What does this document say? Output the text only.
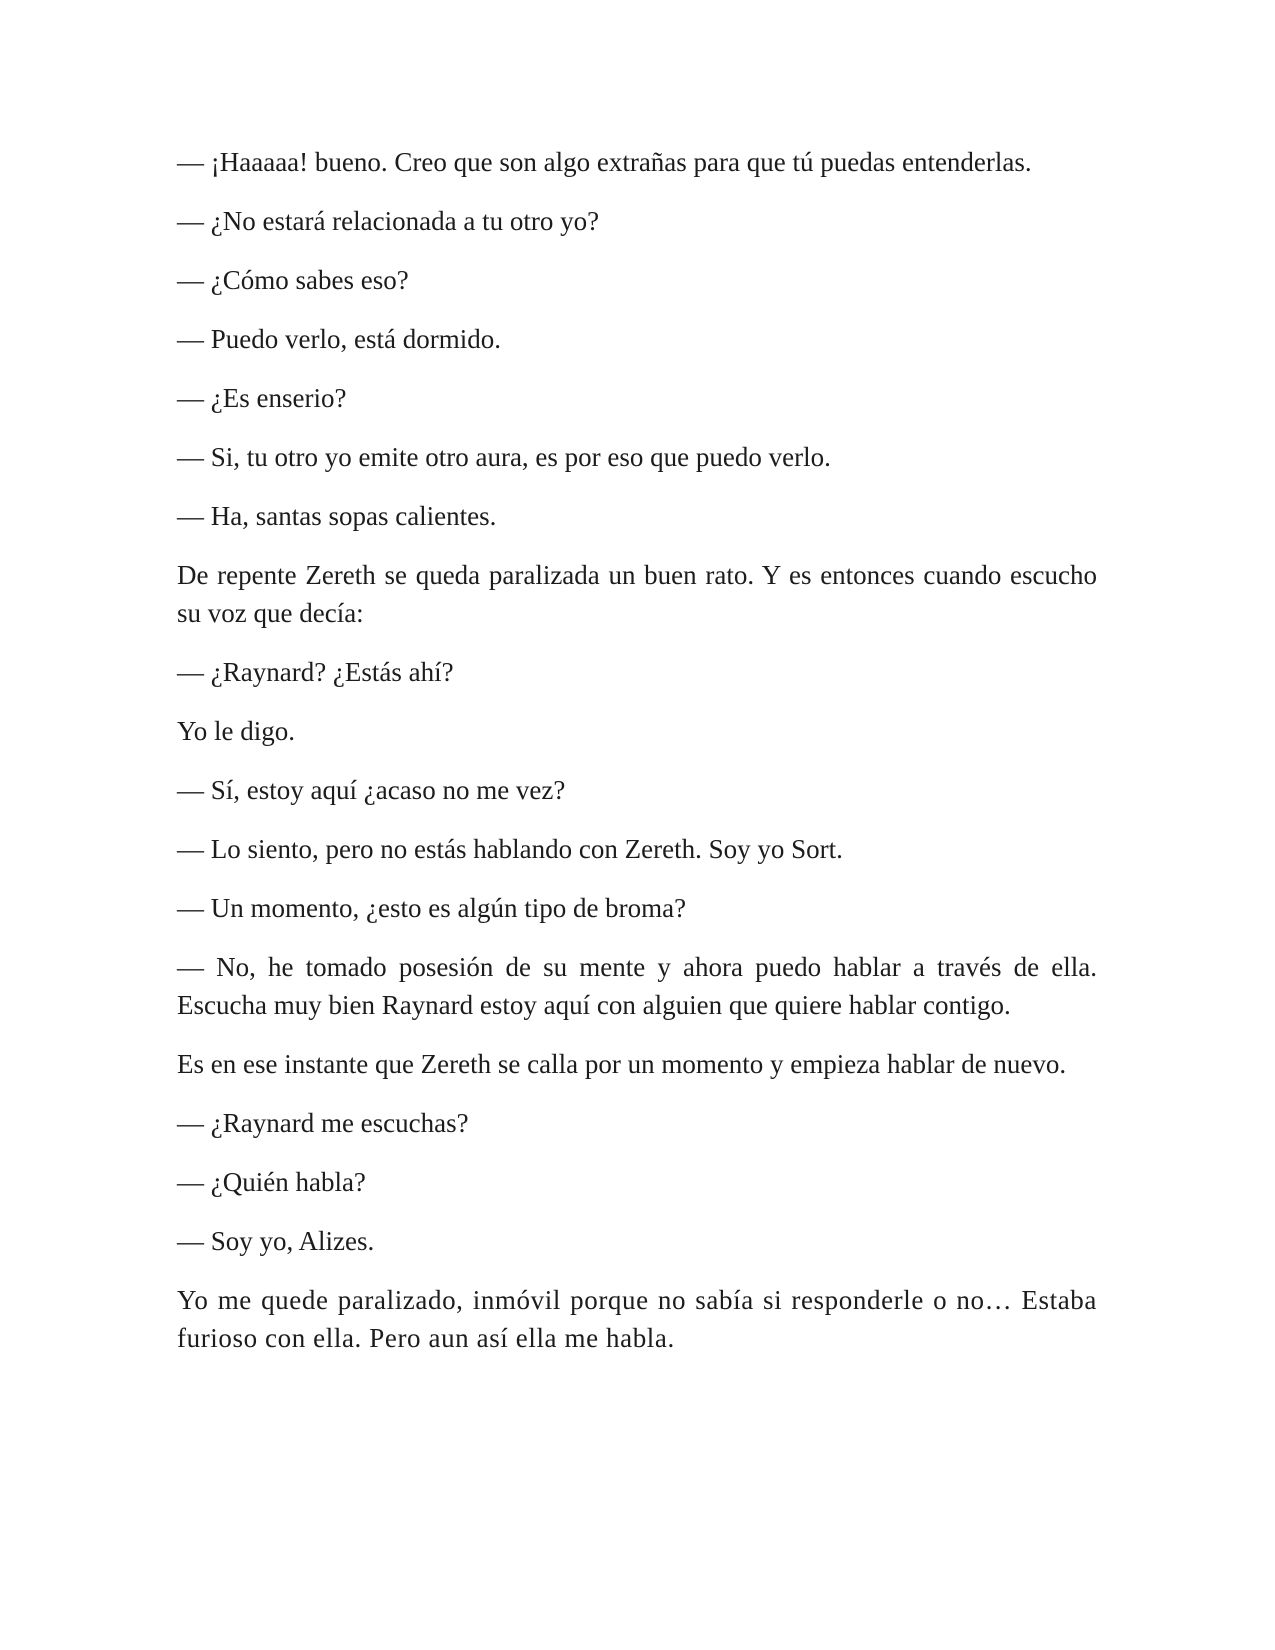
— ¡Haaaaa! bueno. Creo que son algo extrañas para que tú puedas entenderlas.

— ¿No estará relacionada a tu otro yo?

— ¿Cómo sabes eso?

— Puedo verlo, está dormido.

— ¿Es enserio?

— Si, tu otro yo emite otro aura, es por eso que puedo verlo.

— Ha, santas sopas calientes.

De repente Zereth se queda paralizada un buen rato. Y es entonces cuando escucho su voz que decía:

— ¿Raynard? ¿Estás ahí?

Yo le digo.

— Sí, estoy aquí ¿acaso no me vez?

— Lo siento, pero no estás hablando con Zereth. Soy yo Sort.

— Un momento, ¿esto es algún tipo de broma?

— No, he tomado posesión de su mente y ahora puedo hablar a través de ella. Escucha muy bien Raynard estoy aquí con alguien que quiere hablar contigo.

Es en ese instante que Zereth se calla por un momento y empieza hablar de nuevo.

— ¿Raynard me escuchas?

— ¿Quién habla?

— Soy yo, Alizes.

Yo me quede paralizado, inmóvil porque no sabía si responderle o no… Estaba furioso con ella. Pero aun así ella me habla.
